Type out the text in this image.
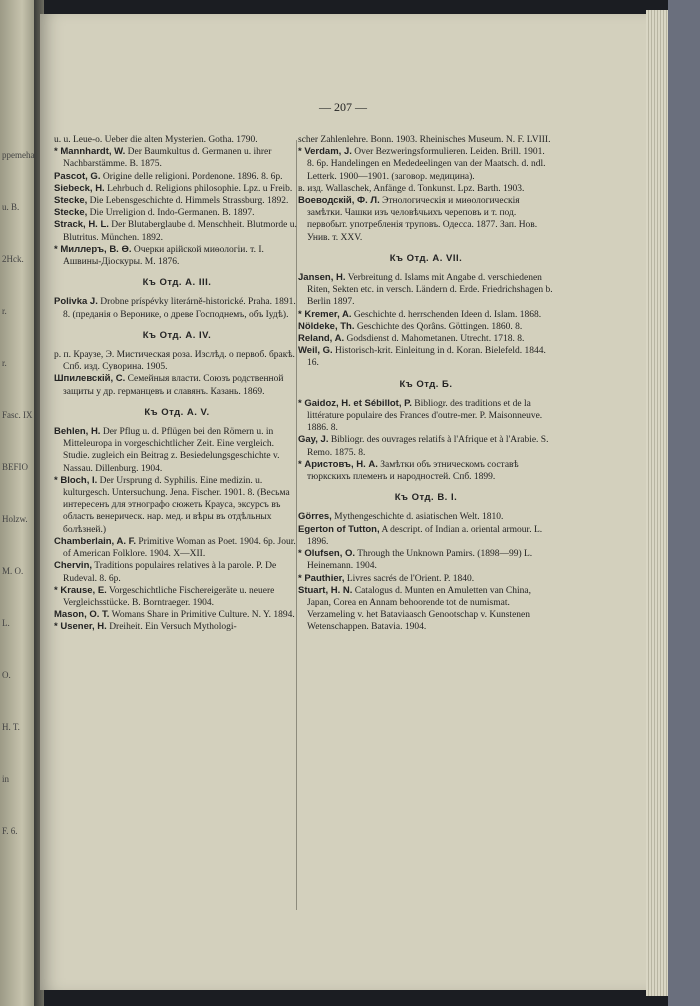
ppemeha
u. B.
2Hck.
r.
r.
Fasc. IX
BEFIO
Holzw.
M. O.
L.
O.
H. T.
in
F. 6.
— 207 —

u. u. Leue-o. Ueber die alten Mysterien. Gotha. 1790.

* Mannhardt, W. Der Baumkultus d. Germanen u. ihrer Nachbarstämme. B. 1875.

Pascot, G. Origine delle religioni. Pordenone. 1896. 8. 6p.

Siebeck, H. Lehrbuch d. Religions philosophie. Lpz. u Freib.

Stecke, Die Lebensgeschichte d. Himmels Strassburg. 1892.

Stecke, Die Urreligion d. Indo-Germanen. B. 1897.

Strack, H. L. Der Blutaberglaube d. Menschheit. Blutmorde u. Blutritus. München. 1892.

* Миллеръ, В. Ө. Очерки арійской миѳологіи. т. I. Ашвины-Діоскуры. М. 1876.

Къ Отд. А. III.

Polivka J. Drobne príspévky literárně-historické. Praha. 1891. 8. (преданія о Веронике, о древе Господнемъ, объ Іудѣ).

Къ Отд. А. IV.

р. п. Краузе, Э. Мистическая роза. Изслѣд. о первоб. бракѣ. Спб. изд. Суворина. 1905.

Шпилевскій, С. Семейныя власти. Союзъ родственной защиты у др. германцевъ и славянъ. Казань. 1869.

Къ Отд. А. V.

Behlen, H. Der Pflug u. d. Pflügen bei den Römern u. in Mitteleuropa in vorgeschichtlicher Zeit. Eine vergleich. Studie. zugleich ein Beitrag z. Besiedelungsgeschichte v. Nassau. Dillenburg. 1904.

* Bloch, I. Der Ursprung d. Syphilis. Eine medizin. u. kulturgesch. Untersuchung. Jena. Fischer. 1901. 8. (Весьма интересенъ для этнографо сюжеть Крауса, эксурсъ въ область венерическ. нар. мед. и вѣры въ отдѣльных болѣзней.)

Chamberlain, A. F. Primitive Woman as Poet. 1904. 6p. Jour. of American Folklore. 1904. X—XII.

Chervin, Traditions populaires relatives à la parole. P. De Rudeval. 8. 6p.

* Krause, E. Vorgeschichtliche Fischereigeräte u. neuere Vergleichsstücke. B. Borntraeger. 1904.

Mason, O. T. Womans Share in Primitive Culture. N. Y. 1894.

* Usener, H. Dreiheit. Ein Versuch Mythologi-

scher Zahlenlehre. Bonn. 1903. Rheinisches Museum. N. F. LVIII.

* Verdam, J. Over Bezweringsformulieren. Leiden. Brill. 1901. 8. 6p. Handelingen en Mededeelingen van der Maatsch. d. ndl. Letterk. 1900—1901. (заговор. медицина).

в. изд. Wallaschek, Anfänge d. Tonkunst. Lpz. Barth. 1903.

Воеводскій, Ф. Л. Этнологическія и миѳологическія замѣтки. Чашки изъ человѣчьихъ череповъ и т. под. первобыт. употребленія труповъ. Одесса. 1877. Зап. Нов. Унив. т. XXV.

Къ Отд. А. VII.

Jansen, H. Verbreitung d. Islams mit Angabe d. verschiedenen Riten, Sekten etc. in versch. Ländern d. Erde. Friedrichshagen b. Berlin 1897.

* Kremer, A. Geschichte d. herrschenden Ideen d. Islam. 1868.

Nöldeke, Th. Geschichte des Qorâns. Göttingen. 1860. 8.

Reland, A. Godsdienst d. Mahometanen. Utrecht. 1718. 8.

Weil, G. Historisch-krit. Einleitung in d. Koran. Bielefeld. 1844. 16.

Къ Отд. Б.

* Gaidoz, H. et Sébillot, P. Bibliogr. des traditions et de la littérature populaire des Frances d'outre-mer. P. Maisonneuve. 1886. 8.

Gay, J. Bibliogr. des ouvrages relatifs à l'Afrique et à l'Arabie. S. Remo. 1875. 8.

* Аристовъ, Н. А. Замѣтки объ этническомъ составѣ тюркскихъ племенъ и народностей. Спб. 1899.

Къ Отд. В. I.

Görres, Mythengeschichte d. asiatischen Welt. 1810.

Egerton of Tutton, A descript. of Indian a. oriental armour. L. 1896.

* Olufsen, O. Through the Unknown Pamirs. (1898—99) L. Heinemann. 1904.

* Pauthier, Livres sacrés de l'Orient. P. 1840.

Stuart, H. N. Catalogus d. Munten en Amuletten van China, Japan, Corea en Annam behoorende tot de numismat. Verzameling v. het Bataviaasch Genootschap v. Kunstenen Wetenschappen. Batavia. 1904.
